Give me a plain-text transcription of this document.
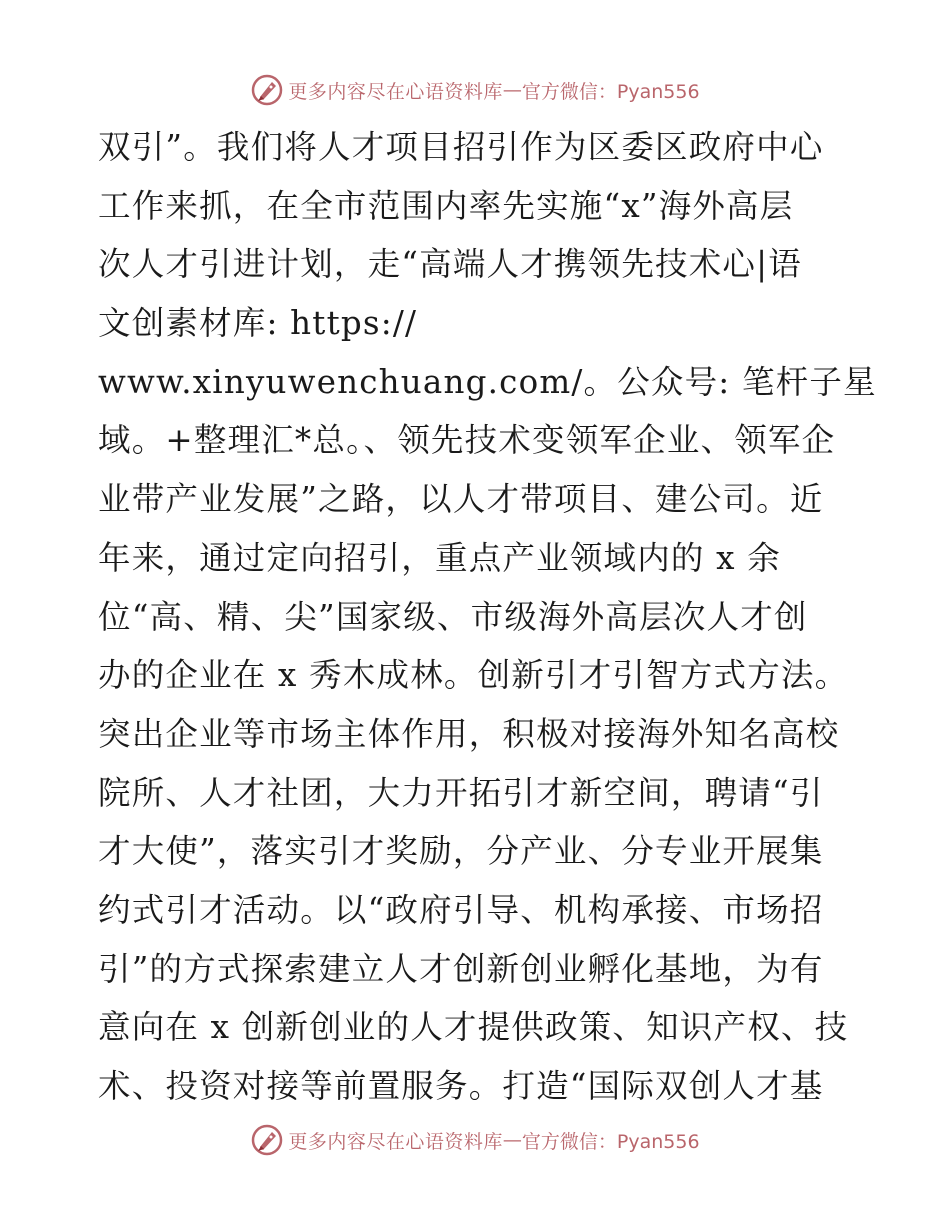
更多内容尽在心语资料库 — 官方微信：Pyan556
双引”。我们将人才项目招引作为区委区政府中心
工作来抓，在全市范围内率先实施“x”海外高层
次人才引进计划，走“高端人才携领先技术心|语
文创素材库: https://
www.xinyuwenchuang.com/。公众号: 笔杆子星
域。+整理汇*总。、领先技术变领军企业、领军企
业带产业发展”之路，以人才带项目、建公司。近
年来，通过定向招引，重点产业领域内的 x 余
位“高、精、尖”国家级、市级海外高层次人才创
办的企业在 x 秀木成林。创新引才引智方式方法。
突出企业等市场主体作用，积极对接海外知名高校
院所、人才社团，大力开拓引才新空间，聘请“引
才大使”，落实引才奖励，分产业、分专业开展集
约式引才活动。以“政府引导、机构承接、市场招
引”的方式探索建立人才创新创业孵化基地，为有
意向在 x 创新创业的人才提供政策、知识产权、技
术、投资对接等前置服务。打造“国际双创人才基
更多内容尽在心语资料库 — 官方微信：Pyan556
